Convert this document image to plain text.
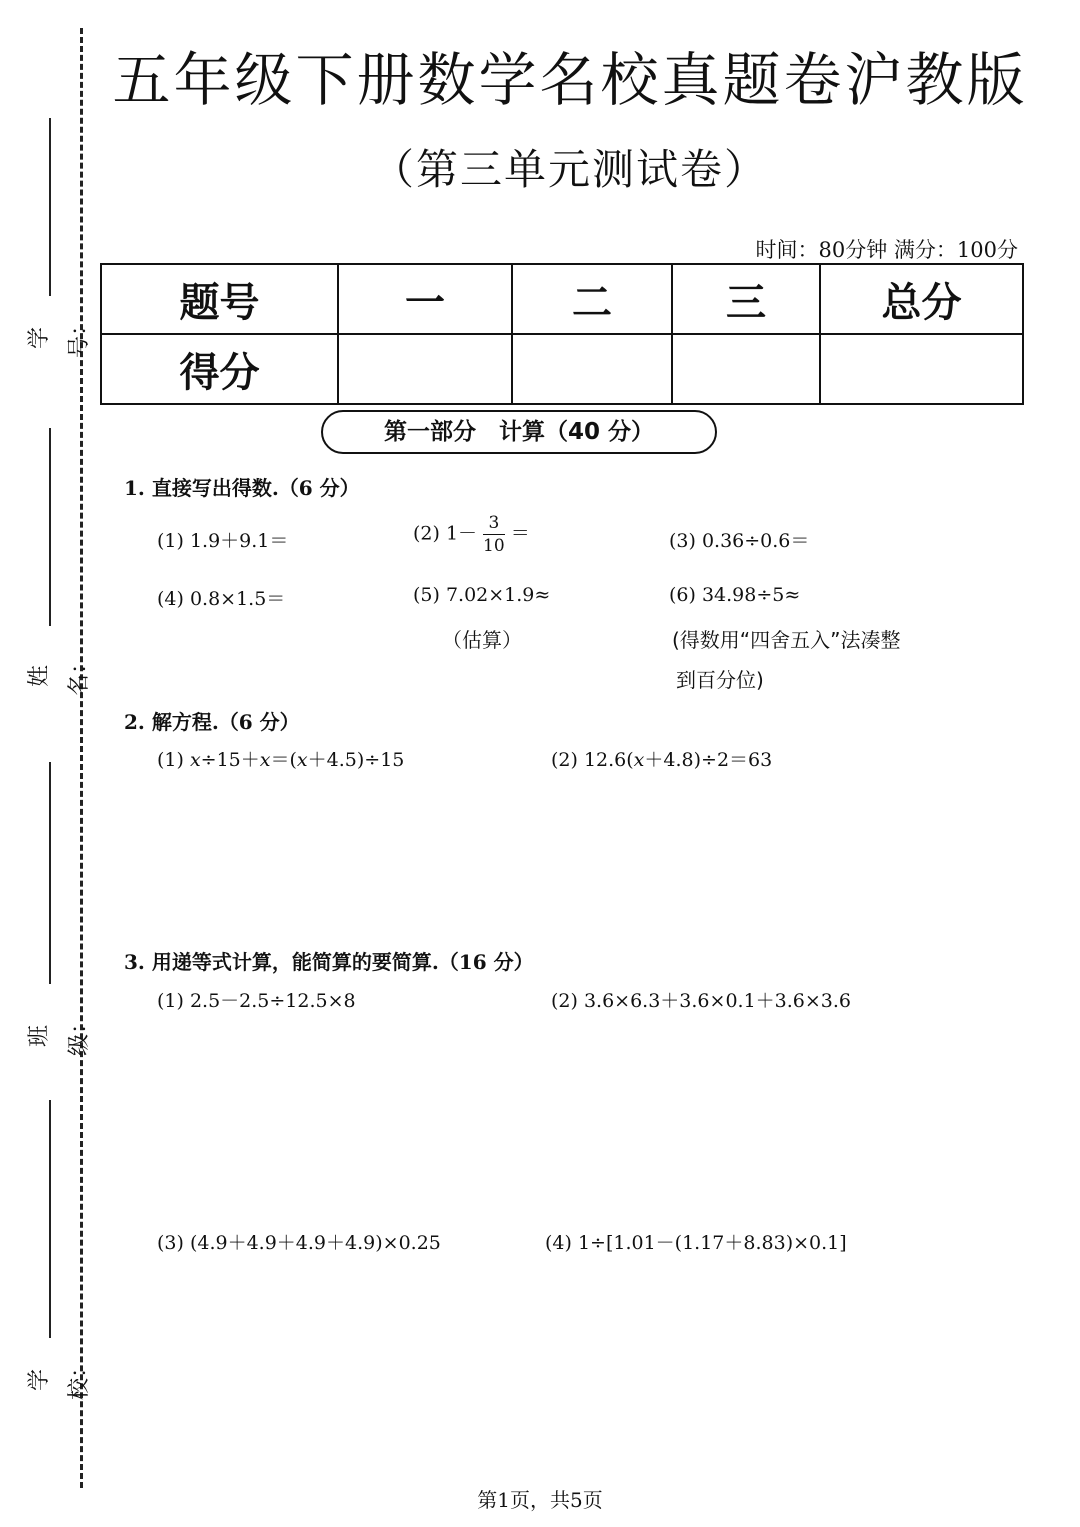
学号：
姓名：
班级：
学校：
五年级下册数学名校真题卷沪教版
（第三单元测试卷）
时间：80分钟 满分：100分
题号	一	二	三	总分
得分				
第一部分　计算（40 分）
1. 直接写出得数.（6 分）
(1) 1.9＋9.1＝	(2) $1- \frac{3}{10}$ ＝	(3) 0.36÷0.6＝
(4) 0.8×1.5＝	(5) 7.02×1.9≈	(6) 34.98÷5≈
（估算）	(得数用“四舍五入”法凑整
到百分位)
2. 解方程.（6 分）
(1) x÷15＋x＝(x＋4.5)÷15	(2) 12.6(x＋4.8)÷2＝63
3. 用递等式计算，能简算的要简算.（16 分）
(1) 2.5－2.5÷12.5×8	(2) 3.6×6.3＋3.6×0.1＋3.6×3.6
(3) (4.9＋4.9＋4.9＋4.9)×0.25	(4) 1÷[1.01－(1.17＋8.83)×0.1]
第1页，共5页
